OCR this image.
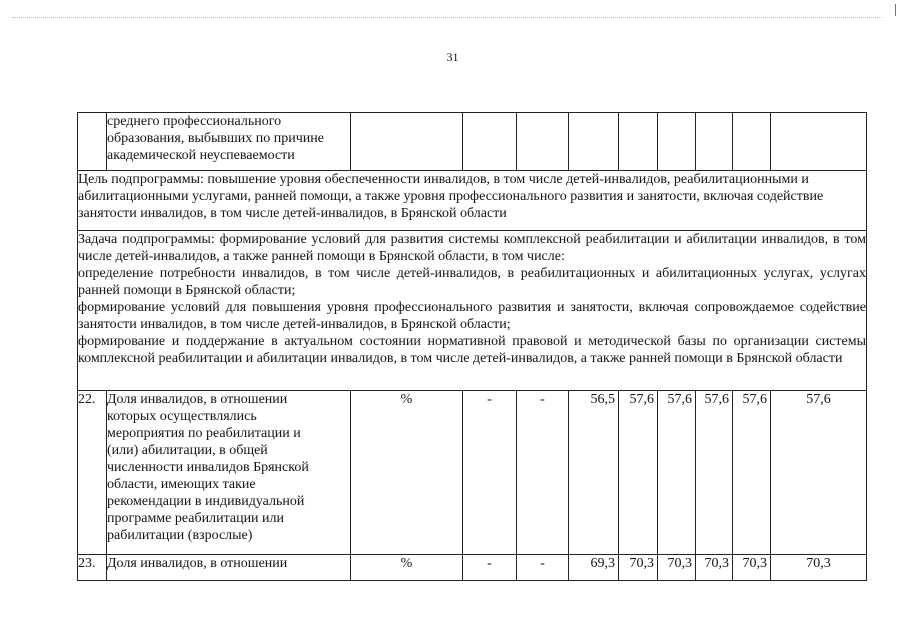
31
	среднего профессионального образования, выбывших по причине академической неуспеваемости									
Цель подпрограммы: повышение уровня обеспеченности инвалидов, в том числе детей-инвалидов, реабилитационными и абилитационными услугами, ранней помощи, а также уровня профессионального развития и занятости, включая содействие занятости инвалидов, в том числе детей-инвалидов, в Брянской области										

Задача подпрограммы: формирование условий для развития системы комплексной реабилитации и абилитации инвалидов, в том числе детей-инвалидов, а также ранней помощи в Брянской области, в том числе:
определение потребности инвалидов, в том числе детей-инвалидов, в реабилитационных и абилитационных услугах, услугах ранней помощи в Брянской области;
формирование условий для повышения уровня профессионального развития и занятости, включая сопровождаемое содействие занятости инвалидов, в том числе детей-инвалидов, в Брянской области;
формирование и поддержание в актуальном состоянии нормативной правовой и методической базы по организации системы комплексной реабилитации и абилитации инвалидов, в том числе детей-инвалидов, а также ранней помощи в Брянской области										

22.	Доля инвалидов, в отношении которых осуществлялись мероприятия по реабилитации и (или) абилитации, в общей численности инвалидов Брянской области, имеющих такие рекомендации в индивидуальной программе реабилитации или рабилитации (взрослые)	%	-	-	56,5	57,6	57,6	57,6	57,6	57,6
23.	Доля инвалидов, в отношении	%	-	-	69,3	70,3	70,3	70,3	70,3	70,3
